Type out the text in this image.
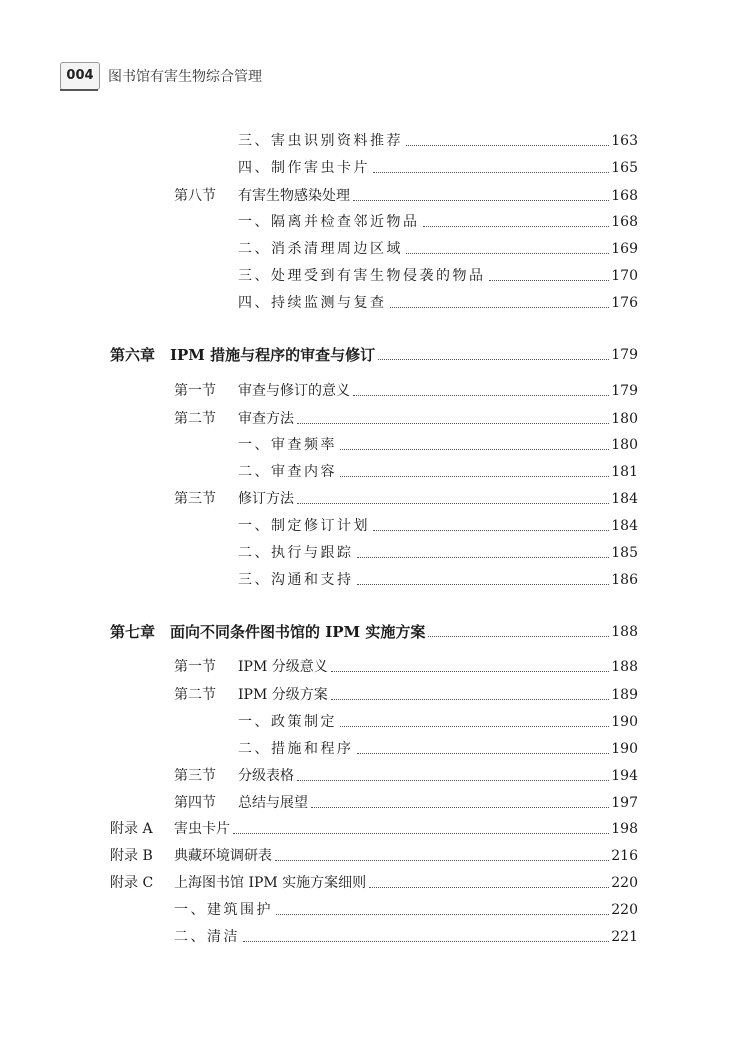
004	图书馆有害生物综合管理
三、害虫识别资料推荐	163
四、制作害虫卡片	165
第八节 有害生物感染处理	168
一、隔离并检查邻近物品	168
二、消杀清理周边区域	169
三、处理受到有害生物侵袭的物品	170
四、持续监测与复查	176
第六章　IPM 措施与程序的审查与修订	179
第一节 审查与修订的意义	179
第二节 审查方法	180
一、审查频率	180
二、审查内容	181
第三节 修订方法	184
一、制定修订计划	184
二、执行与跟踪	185
三、沟通和支持	186
第七章　面向不同条件图书馆的 IPM 实施方案	188
第一节 IPM 分级意义	188
第二节 IPM 分级方案	189
一、政策制定	190
二、措施和程序	190
第三节 分级表格	194
第四节 总结与展望	197
附录 A 害虫卡片	198
附录 B 典藏环境调研表	216
附录 C 上海图书馆 IPM 实施方案细则	220
一、建筑围护	220
二、清洁	221
